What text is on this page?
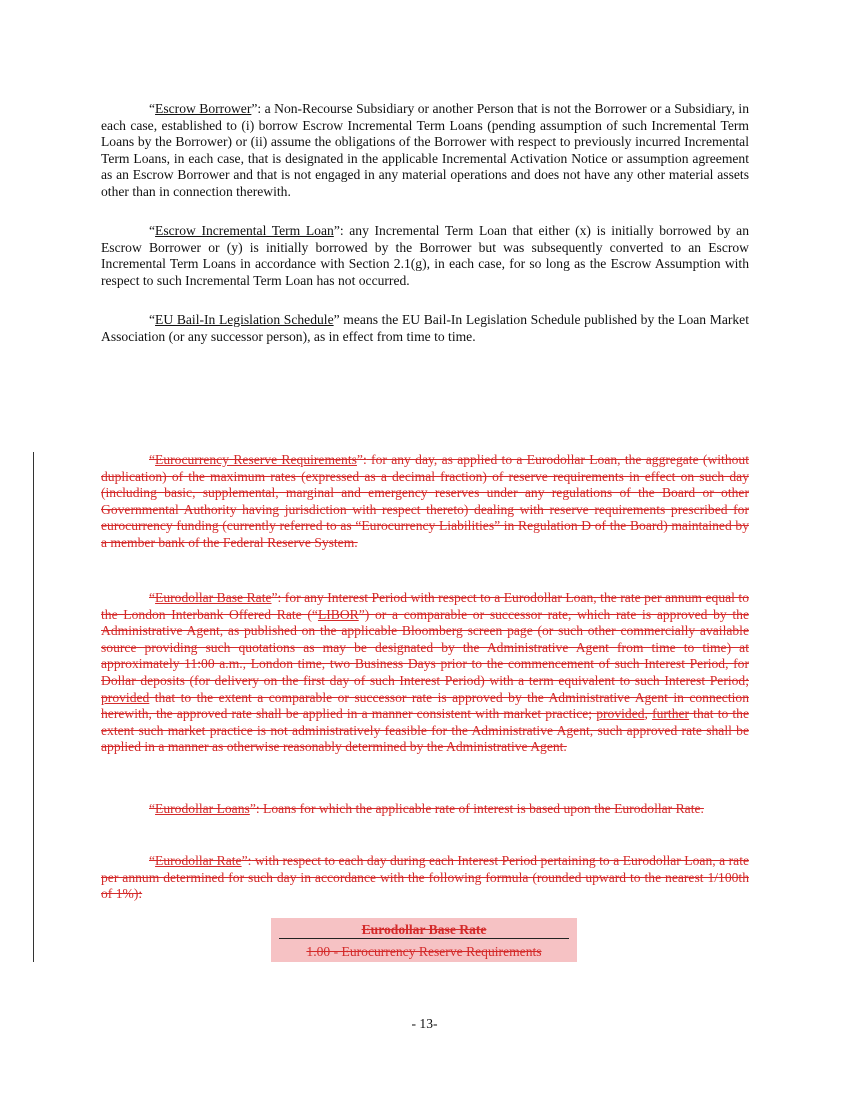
“Escrow Borrower”: a Non-Recourse Subsidiary or another Person that is not the Borrower or a Subsidiary, in each case, established to (i) borrow Escrow Incremental Term Loans (pending assumption of such Incremental Term Loans by the Borrower) or (ii) assume the obligations of the Borrower with respect to previously incurred Incremental Term Loans, in each case, that is designated in the applicable Incremental Activation Notice or assumption agreement as an Escrow Borrower and that is not engaged in any material operations and does not have any other material assets other than in connection therewith.

“Escrow Incremental Term Loan”: any Incremental Term Loan that either (x) is initially borrowed by an Escrow Borrower or (y) is initially borrowed by the Borrower but was subsequently converted to an Escrow Incremental Term Loans in accordance with Section 2.1(g), in each case, for so long as the Escrow Assumption with respect to such Incremental Term Loan has not occurred.

“EU Bail-In Legislation Schedule” means the EU Bail-In Legislation Schedule published by the Loan Market Association (or any successor person), as in effect from time to time.

“Eurocurrency Reserve Requirements”: for any day, as applied to a Eurodollar Loan, the aggregate (without duplication) of the maximum rates (expressed as a decimal fraction) of reserve requirements in effect on such day (including basic, supplemental, marginal and emergency reserves under any regulations of the Board or other Governmental Authority having jurisdiction with respect thereto) dealing with reserve requirements prescribed for eurocurrency funding (currently referred to as “Eurocurrency Liabilities” in Regulation D of the Board) maintained by a member bank of the Federal Reserve System.

“Eurodollar Base Rate”: for any Interest Period with respect to a Eurodollar Loan, the rate per annum equal to the London Interbank Offered Rate (“LIBOR”) or a comparable or successor rate, which rate is approved by the Administrative Agent, as published on the applicable Bloomberg screen page (or such other commercially available source providing such quotations as may be designated by the Administrative Agent from time to time) at approximately 11:00 a.m., London time, two Business Days prior to the commencement of such Interest Period, for Dollar deposits (for delivery on the first day of such Interest Period) with a term equivalent to such Interest Period; provided that to the extent a comparable or successor rate is approved by the Administrative Agent in connection herewith, the approved rate shall be applied in a manner consistent with market practice; provided, further that to the extent such market practice is not administratively feasible for the Administrative Agent, such approved rate shall be applied in a manner as otherwise reasonably determined by the Administrative Agent.

“Eurodollar Loans”: Loans for which the applicable rate of interest is based upon the Eurodollar Rate.

“Eurodollar Rate”: with respect to each day during each Interest Period pertaining to a Eurodollar Loan, a rate per annum determined for such day in accordance with the following formula (rounded upward to the nearest 1/100th of 1%):

Eurodollar Base Rate
1.00 - Eurocurrency Reserve Requirements
- 13-
